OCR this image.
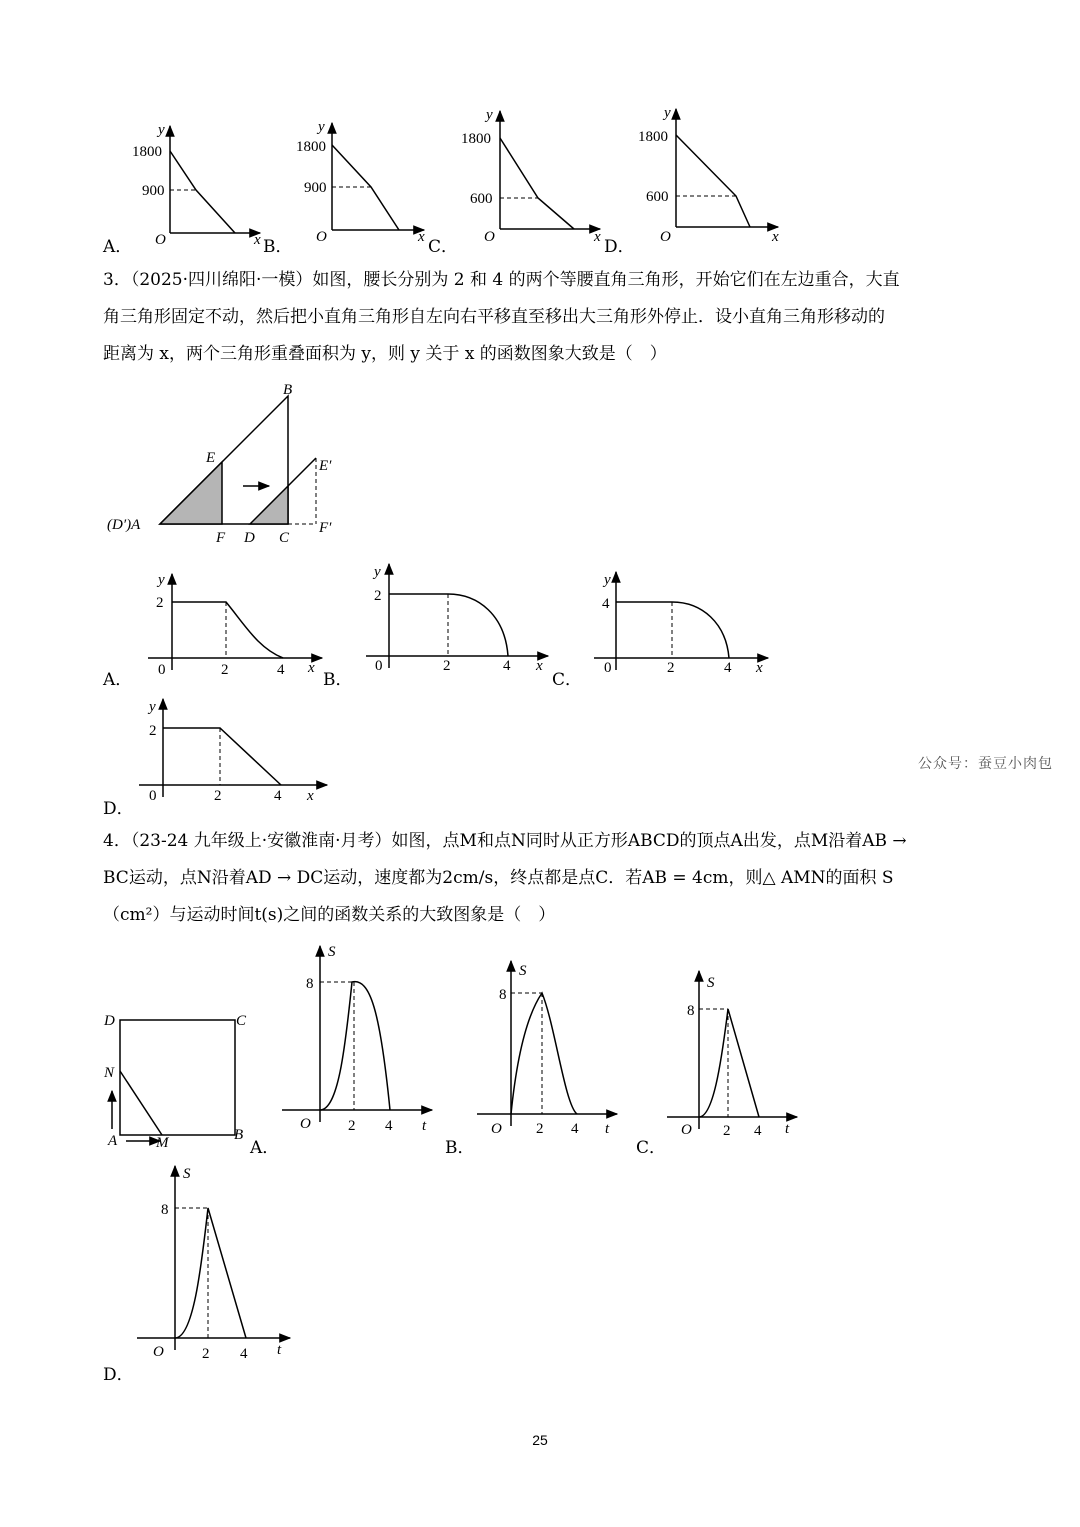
A．
y
1800
900
O	x B．
y
1800
900
O	x C．
y
1800
600
O	x D．
y
1800
600
O	x

3．（2025·四川绵阳·一模）如图，腰长分别为 2 和 4 的两个等腰直角三角形，开始它们在左边重合，大直

角三角形固定不动，然后把小直角三角形自左向右平移直至移出大三角形外停止．设小直角三角形移动的

距离为 x，两个三角形重叠面积为 y，则 y 关于 x 的函数图象大致是（　）

(D′)A
B
E
F D C
E′
F′
A．
y
2
0	2	4 x
B．
y
2
0	2	4 x
C．
y
4
0	2	4 x
D．
y
2
0	2	4 x
公众号：蚕豆小肉包

4．（23-24 九年级上·安徽淮南·月考）如图，点M和点N同时从正方形ABCD的顶点A出发，点M沿着AB →

BC运动，点N沿着AD → DC运动，速度都为2cm/s，终点都是点C．若AB = 4cm，则△ AMN的面积 S

（cm²）与运动时间t(s)之间的函数关系的大致图象是（　）

D	C
N
A	M	B
A．
S
8
O 2 4 t
B．
S
8
O 2 4 t
C．
S
8
O 2 4 t
D．
S
8
O	2 4 t
25
